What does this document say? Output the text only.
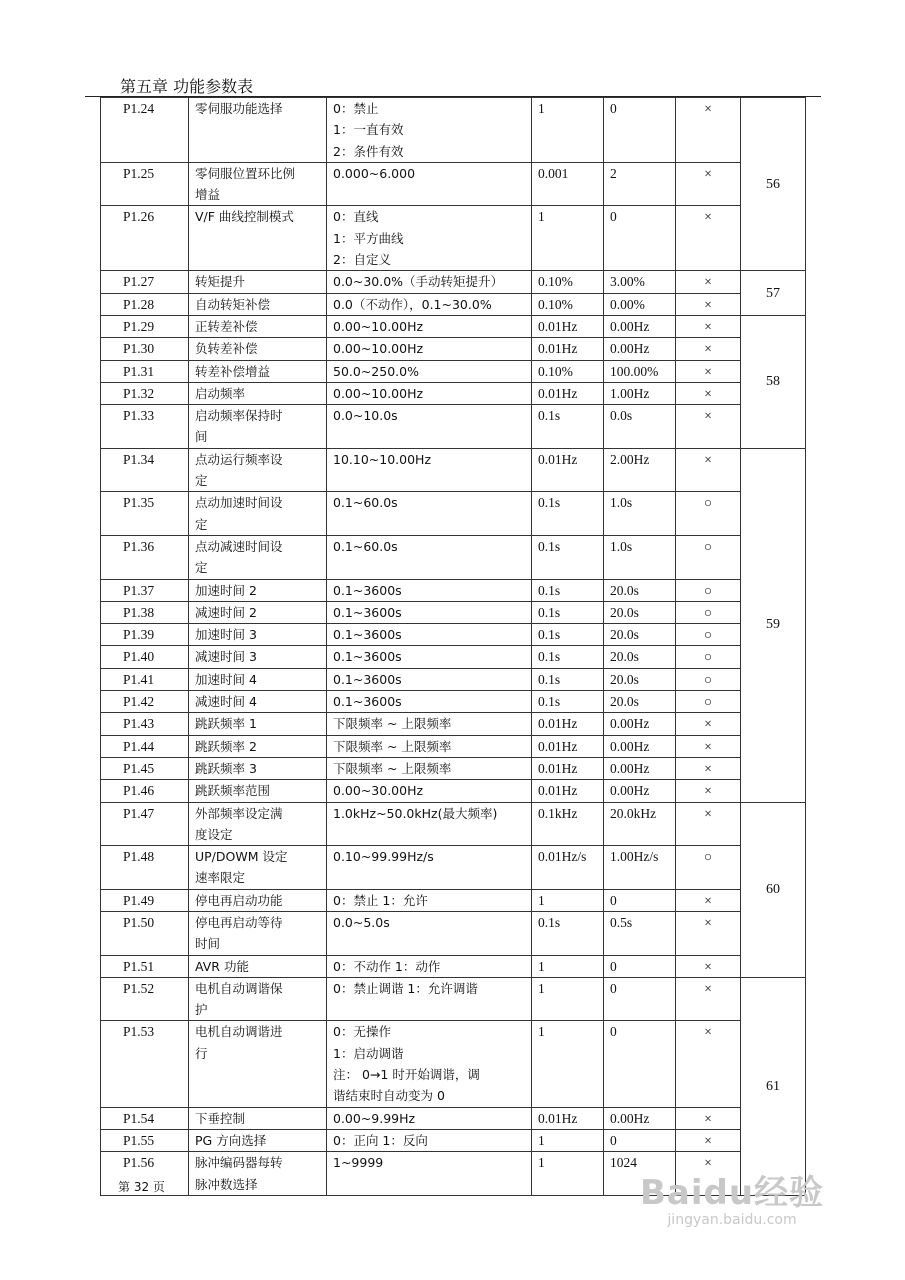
第五章 功能参数表
P1.24	零伺服功能选择	0：禁止
1：一直有效
2：条件有效	1	0	×	56
P1.25	零伺服位置环比例
增益	0.000~6.000	0.001	2	×	
P1.26	V/F 曲线控制模式	0：直线
1：平方曲线
2：自定义	1	0	×	
P1.27	转矩提升	0.0~30.0%（手动转矩提升）	0.10%	3.00%	×	57
P1.28	自动转矩补偿	0.0（不动作），0.1~30.0%	0.10%	0.00%	×	
P1.29	正转差补偿	0.00~10.00Hz	0.01Hz	0.00Hz	×	58
P1.30	负转差补偿	0.00~10.00Hz	0.01Hz	0.00Hz	×	
P1.31	转差补偿增益	50.0~250.0%	0.10%	100.00%	×	
P1.32	启动频率	0.00~10.00Hz	0.01Hz	1.00Hz	×	
P1.33	启动频率保持时
间	0.0~10.0s	0.1s	0.0s	×	
P1.34	点动运行频率设
定	10.10~10.00Hz	0.01Hz	2.00Hz	×	59
P1.35	点动加速时间设
定	0.1~60.0s	0.1s	1.0s	○	
P1.36	点动减速时间设
定	0.1~60.0s	0.1s	1.0s	○	
P1.37	加速时间 2	0.1~3600s	0.1s	20.0s	○	
P1.38	减速时间 2	0.1~3600s	0.1s	20.0s	○	
P1.39	加速时间 3	0.1~3600s	0.1s	20.0s	○	
P1.40	减速时间 3	0.1~3600s	0.1s	20.0s	○	
P1.41	加速时间 4	0.1~3600s	0.1s	20.0s	○	
P1.42	减速时间 4	0.1~3600s	0.1s	20.0s	○	
P1.43	跳跃频率 1	下限频率 ~ 上限频率	0.01Hz	0.00Hz	×	
P1.44	跳跃频率 2	下限频率 ~ 上限频率	0.01Hz	0.00Hz	×	
P1.45	跳跃频率 3	下限频率 ~ 上限频率	0.01Hz	0.00Hz	×	
P1.46	跳跃频率范围	0.00~30.00Hz	0.01Hz	0.00Hz	×	
P1.47	外部频率设定满
度设定	1.0kHz~50.0kHz(最大频率)	0.1kHz	20.0kHz	×	60
P1.48	UP/DOWM 设定
速率限定	0.10~99.99Hz/s	0.01Hz/s	1.00Hz/s	○	
P1.49	停电再启动功能	0：禁止 1：允许	1	0	×	
P1.50	停电再启动等待
时间	0.0~5.0s	0.1s	0.5s	×	
P1.51	AVR 功能	0：不动作 1：动作	1	0	×	
P1.52	电机自动调谐保
护	0：禁止调谐 1：允许调谐	1	0	×	61
P1.53	电机自动调谐进
行	0：无操作
1：启动调谐
注： 0→1 时开始调谐，调
谐结束时自动变为 0	1	0	×	
P1.54	下垂控制	0.00~9.99Hz	0.01Hz	0.00Hz	×	
P1.55	PG 方向选择	0：正向 1：反向	1	0	×	
P1.56	脉冲编码器每转
脉冲数选择	1~9999	1	1024	×	
第 32 页	Baidu经验
jingyan.baidu.com
